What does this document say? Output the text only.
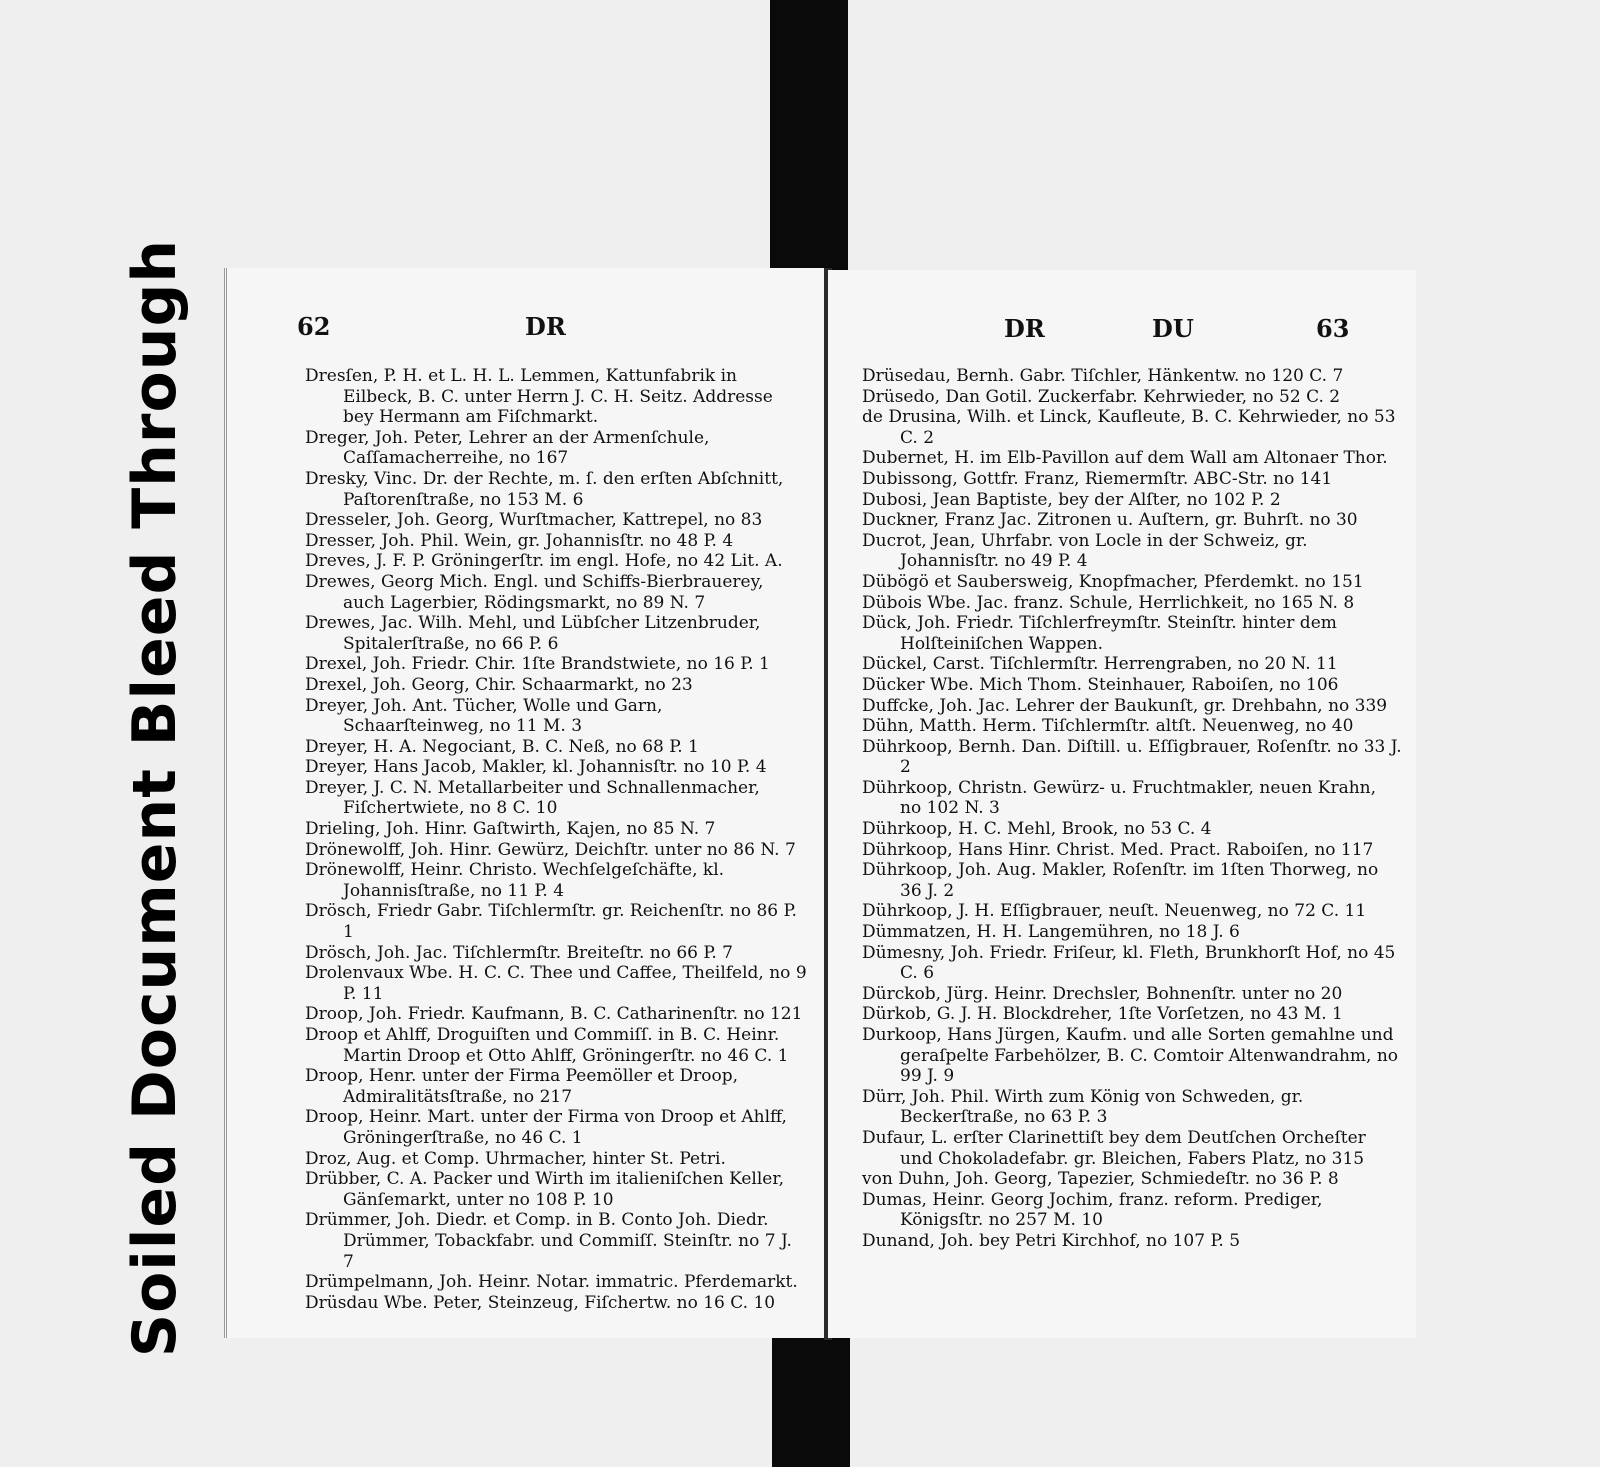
Soiled Document Bleed Through	62	DR

Dresſen, P. H. et L. H. L. Lemmen, Kattunfabrik in Eilbeck, B. C. unter Herrn J. C. H. Seitz. Addresse bey Hermann am Fiſchmarkt.

Dreger, Joh. Peter, Lehrer an der Armenſchule, Caſſamacherreihe, no 167

Dresky, Vinc. Dr. der Rechte, m. ſ. den erſten Abſchnitt, Paſtorenſtraße, no 153 M. 6

Dresseler, Joh. Georg, Wurſtmacher, Kattrepel, no 83

Dresser, Joh. Phil. Wein, gr. Johannisſtr. no 48 P. 4

Dreves, J. F. P. Gröningerſtr. im engl. Hofe, no 42 Lit. A.

Drewes, Georg Mich. Engl. und Schiffs-Bierbrauerey, auch Lagerbier, Rödingsmarkt, no 89 N. 7

Drewes, Jac. Wilh. Mehl, und Lübſcher Litzenbruder, Spitalerſtraße, no 66 P. 6

Drexel, Joh. Friedr. Chir. 1ſte Brandstwiete, no 16 P. 1

Drexel, Joh. Georg, Chir. Schaarmarkt, no 23

Dreyer, Joh. Ant. Tücher, Wolle und Garn, Schaarſteinweg, no 11 M. 3

Dreyer, H. A. Negociant, B. C. Neß, no 68 P. 1

Dreyer, Hans Jacob, Makler, kl. Johannisſtr. no 10 P. 4

Dreyer, J. C. N. Metallarbeiter und Schnallenmacher, Fiſchertwiete, no 8 C. 10

Drieling, Joh. Hinr. Gaſtwirth, Kajen, no 85 N. 7

Drönewolff, Joh. Hinr. Gewürz, Deichſtr. unter no 86 N. 7

Drönewolff, Heinr. Christo. Wechſelgeſchäfte, kl. Johannisſtraße, no 11 P. 4

Drösch, Friedr Gabr. Tiſchlermſtr. gr. Reichenſtr. no 86 P. 1

Drösch, Joh. Jac. Tiſchlermſtr. Breiteſtr. no 66 P. 7

Drolenvaux Wbe. H. C. C. Thee und Caffee, Theilfeld, no 9 P. 11

Droop, Joh. Friedr. Kaufmann, B. C. Catharinenſtr. no 121

Droop et Ahlff, Droguiſten und Commiſſ. in B. C. Heinr. Martin Droop et Otto Ahlff, Gröningerſtr. no 46 C. 1

Droop, Henr. unter der Firma Peemöller et Droop, Admiralitätsſtraße, no 217

Droop, Heinr. Mart. unter der Firma von Droop et Ahlff, Gröningerſtraße, no 46 C. 1

Droz, Aug. et Comp. Uhrmacher, hinter St. Petri.

Drübber, C. A. Packer und Wirth im italieniſchen Keller, Gänſemarkt, unter no 108 P. 10

Drümmer, Joh. Diedr. et Comp. in B. Conto Joh. Diedr. Drümmer, Tobackfabr. und Commiſſ. Steinſtr. no 7 J. 7

Drümpelmann, Joh. Heinr. Notar. immatric. Pferdemarkt.

Drüsdau Wbe. Peter, Steinzeug, Fiſchertw. no 16 C. 10

DR	DU	63

Drüsedau, Bernh. Gabr. Tiſchler, Hänkentw. no 120 C. 7

Drüsedo, Dan Gotil. Zuckerfabr. Kehrwieder, no 52 C. 2

de Drusina, Wilh. et Linck, Kaufleute, B. C. Kehrwieder, no 53 C. 2

Dubernet, H. im Elb-Pavillon auf dem Wall am Altonaer Thor.

Dubissong, Gottfr. Franz, Riemermſtr. ABC-Str. no 141

Dubosi, Jean Baptiste, bey der Alſter, no 102 P. 2

Duckner, Franz Jac. Zitronen u. Auſtern, gr. Buhrſt. no 30

Ducrot, Jean, Uhrfabr. von Locle in der Schweiz, gr. Johannisſtr. no 49 P. 4

Dübögö et Saubersweig, Knopfmacher, Pferdemkt. no 151

Dübois Wbe. Jac. franz. Schule, Herrlichkeit, no 165 N. 8

Dück, Joh. Friedr. Tiſchlerfreymſtr. Steinſtr. hinter dem Holſteiniſchen Wappen.

Dückel, Carst. Tiſchlermſtr. Herrengraben, no 20 N. 11

Dücker Wbe. Mich Thom. Steinhauer, Raboiſen, no 106

Duffcke, Joh. Jac. Lehrer der Baukunſt, gr. Drehbahn, no 339

Dühn, Matth. Herm. Tiſchlermſtr. altſt. Neuenweg, no 40

Dührkoop, Bernh. Dan. Diſtill. u. Eſſigbrauer, Roſenſtr. no 33 J. 2

Dührkoop, Christn. Gewürz- u. Fruchtmakler, neuen Krahn, no 102 N. 3

Dührkoop, H. C. Mehl, Brook, no 53 C. 4

Dührkoop, Hans Hinr. Christ. Med. Pract. Raboiſen, no 117

Dührkoop, Joh. Aug. Makler, Roſenſtr. im 1ſten Thorweg, no 36 J. 2

Dührkoop, J. H. Eſſigbrauer, neuſt. Neuenweg, no 72 C. 11

Dümmatzen, H. H. Langemühren, no 18 J. 6

Dümesny, Joh. Friedr. Friſeur, kl. Fleth, Brunkhorſt Hof, no 45 C. 6

Dürckob, Jürg. Heinr. Drechsler, Bohnenſtr. unter no 20

Dürkob, G. J. H. Blockdreher, 1ſte Vorſetzen, no 43 M. 1

Durkoop, Hans Jürgen, Kaufm. und alle Sorten gemahlne und geraſpelte Farbehölzer, B. C. Comtoir Altenwandrahm, no 99 J. 9

Dürr, Joh. Phil. Wirth zum König von Schweden, gr. Beckerſtraße, no 63 P. 3

Dufaur, L. erſter Clarinettiſt bey dem Deutſchen Orcheſter und Chokoladefabr. gr. Bleichen, Fabers Platz, no 315

von Duhn, Joh. Georg, Tapezier, Schmiedeſtr. no 36 P. 8

Dumas, Heinr. Georg Jochim, franz. reform. Prediger, Königsſtr. no 257 M. 10

Dunand, Joh. bey Petri Kirchhof, no 107 P. 5
